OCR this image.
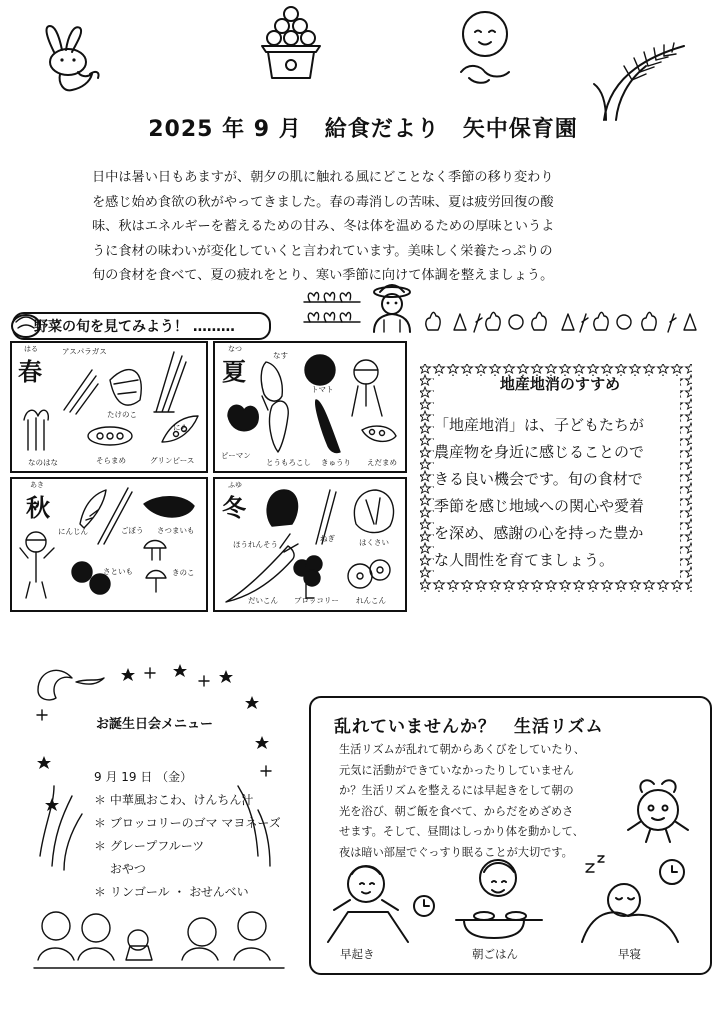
2025 年 9 月　給食だより　矢中保育園

日中は暑い日もあますが、朝夕の肌に触れる風にどことなく季節の移り変わり

を感じ始め食欲の秋がやってきました。春の毒消しの苦味、夏は疲労回復の酸

味、秋はエネルギーを蓄えるための甘み、冬は体を温めるための厚味というよ

うに食材の味わいが変化していくと言われています。美味しく栄養たっぷりの

旬の食材を食べて、夏の疲れをとり、寒い季節に向けて体調を整えましょう。

野菜の旬を見てみよう！ ………
はる
春
アスパラガス
たけのこ
にら
なのはな	そらまめ	グリンピース
なつ
夏
なす
トマト
ピーマン
とうもろこし きゅうり えだまめ
あき
秋
にんじん	ごぼう さつまいも
さといも	きのこ
ふゆ
冬
ほうれんそう
ねぎ	はくさい
だいこん ブロッコリー れんこん
地産地消のすすめ

「地産地消」は、子どもたちが

農産物を身近に感じることので

きる良い機会です。旬の食材で

季節を感じ地域への関心や愛着

を深め、感謝の心を持った豊か

な人間性を育てましょう。

お誕生日会メニュー

9 月 19 日 （金）

＊ 中華風おこわ、けんちん汁

＊ ブロッコリーのゴマ マヨネーズ

＊ グレープフルーツ

　 おやつ

＊ リンゴール ・ おせんべい

乱れていませんか？　生活リズム

生活リズムが乱れて朝からあくびをしていたり、

元気に活動ができていなかったりしていません

か？生活リズムを整えるには早起きをして朝の

光を浴び、朝ご飯を食べて、からだをめざめさ

せます。そして、昼間はしっかり体を動かして、

夜は暗い部屋でぐっすり眠ることが大切です。

早起き	朝ごはん	早寝
